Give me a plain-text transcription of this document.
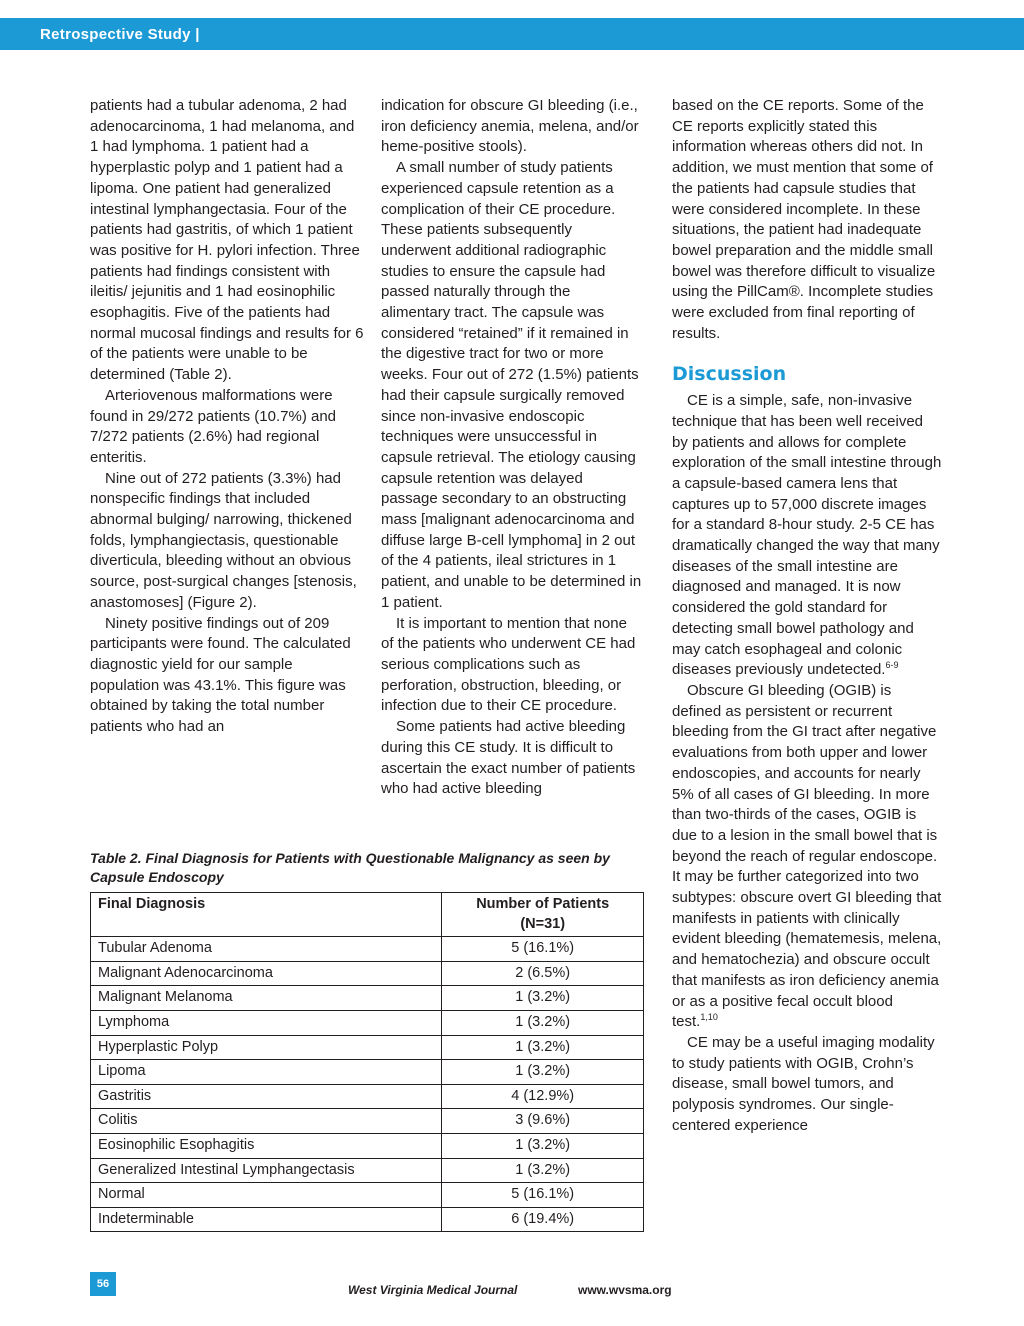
Retrospective Study |

patients had a tubular adenoma, 2 had adenocarcinoma, 1 had melanoma, and 1 had lymphoma. 1 patient had a hyperplastic polyp and 1 patient had a lipoma. One patient had generalized intestinal lymphangectasia. Four of the patients had gastritis, of which 1 patient was positive for H. pylori infection. Three patients had findings consistent with ileitis/ jejunitis and 1 had eosinophilic esophagitis. Five of the patients had normal mucosal findings and results for 6 of the patients were unable to be determined (Table 2).

Arteriovenous malformations were found in 29/272 patients (10.7%) and 7/272 patients (2.6%) had regional enteritis.

Nine out of 272 patients (3.3%) had nonspecific findings that included abnormal bulging/ narrowing, thickened folds, lymphangiectasis, questionable diverticula, bleeding without an obvious source, post-surgical changes [stenosis, anastomoses] (Figure 2).

Ninety positive findings out of 209 participants were found. The calculated diagnostic yield for our sample population was 43.1%. This figure was obtained by taking the total number patients who had an

indication for obscure GI bleeding (i.e., iron deficiency anemia, melena, and/or heme-positive stools).

A small number of study patients experienced capsule retention as a complication of their CE procedure. These patients subsequently underwent additional radiographic studies to ensure the capsule had passed naturally through the alimentary tract. The capsule was considered “retained” if it remained in the digestive tract for two or more weeks. Four out of 272 (1.5%) patients had their capsule surgically removed since non-invasive endoscopic techniques were unsuccessful in capsule retrieval. The etiology causing capsule retention was delayed passage secondary to an obstructing mass [malignant adenocarcinoma and diffuse large B-cell lymphoma] in 2 out of the 4 patients, ileal strictures in 1 patient, and unable to be determined in 1 patient.

It is important to mention that none of the patients who underwent CE had serious complications such as perforation, obstruction, bleeding, or infection due to their CE procedure.

Some patients had active bleeding during this CE study. It is difficult to ascertain the exact number of patients who had active bleeding

based on the CE reports. Some of the CE reports explicitly stated this information whereas others did not. In addition, we must mention that some of the patients had capsule studies that were considered incomplete. In these situations, the patient had inadequate bowel preparation and the middle small bowel was therefore difficult to visualize using the PillCam®. Incomplete studies were excluded from final reporting of results.

Discussion

CE is a simple, safe, non-invasive technique that has been well received by patients and allows for complete exploration of the small intestine through a capsule-based camera lens that captures up to 57,000 discrete images for a standard 8-hour study. 2-5 CE has dramatically changed the way that many diseases of the small intestine are diagnosed and managed. It is now considered the gold standard for detecting small bowel pathology and may catch esophageal and colonic diseases previously undetected.$^{6-9}$

Obscure GI bleeding (OGIB) is defined as persistent or recurrent bleeding from the GI tract after negative evaluations from both upper and lower endoscopies, and accounts for nearly 5% of all cases of GI bleeding. In more than two-thirds of the cases, OGIB is due to a lesion in the small bowel that is beyond the reach of regular endoscope. It may be further categorized into two subtypes: obscure overt GI bleeding that manifests in patients with clinically evident bleeding (hematemesis, melena, and hematochezia) and obscure occult that manifests as iron deficiency anemia or as a positive fecal occult blood test.$^{1,10}$

CE may be a useful imaging modality to study patients with OGIB, Crohn’s disease, small bowel tumors, and polyposis syndromes. Our single-centered experience

Table 2. Final Diagnosis for Patients with Questionable Malignancy as seen by Capsule Endoscopy
Final Diagnosis	Number of Patients
(N=31)

Tubular Adenoma	5 (16.1%)
Malignant Adenocarcinoma	2 (6.5%)
Malignant Melanoma	1 (3.2%)
Lymphoma	1 (3.2%)
Hyperplastic Polyp	1 (3.2%)
Lipoma	1 (3.2%)
Gastritis	4 (12.9%)
Colitis	3 (9.6%)
Eosinophilic Esophagitis	1 (3.2%)
Generalized Intestinal Lymphangectasis	1 (3.2%)
Normal	5 (16.1%)
Indeterminable	6 (19.4%)
56	West Virginia Medical Journal	www.wvsma.org
